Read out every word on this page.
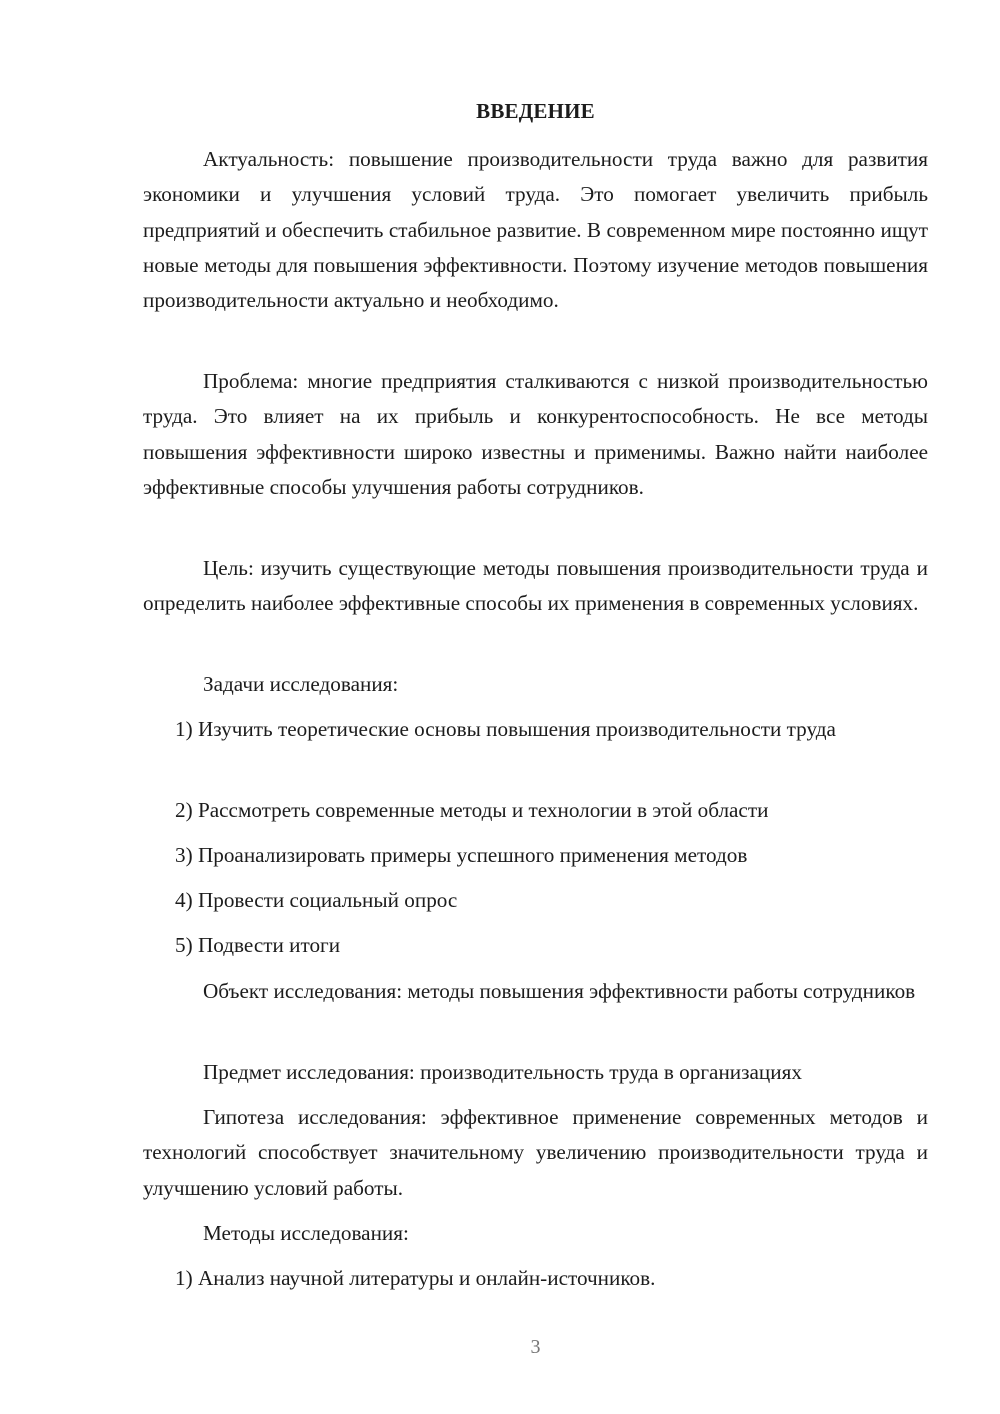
ВВЕДЕНИЕ

Актуальность: повышение производительности труда важно для развития экономики и улучшения условий труда. Это помогает увеличить прибыль предприятий и обеспечить стабильное развитие. В современном мире постоянно ищут новые методы для повышения эффективности. Поэтому изучение методов повышения производительности актуально и необходимо.

Проблема: многие предприятия сталкиваются с низкой производительностью труда. Это влияет на их прибыль и конкурентоспособность. Не все методы повышения эффективности широко известны и применимы. Важно найти наиболее эффективные способы улучшения работы сотрудников.

Цель: изучить существующие методы повышения производительности труда и определить наиболее эффективные способы их применения в современных условиях.

Задачи исследования:

1) Изучить теоретические основы повышения производительности труда

2) Рассмотреть современные методы и технологии в этой области

3) Проанализировать примеры успешного применения методов

4) Провести социальный опрос

5) Подвести итоги

Объект исследования: методы повышения эффективности работы сотрудников

Предмет исследования: производительность труда в организациях

Гипотеза исследования: эффективное применение современных методов и технологий способствует значительному увеличению производительности труда и улучшению условий работы.

Методы исследования:

1) Анализ научной литературы и онлайн-источников.

3
